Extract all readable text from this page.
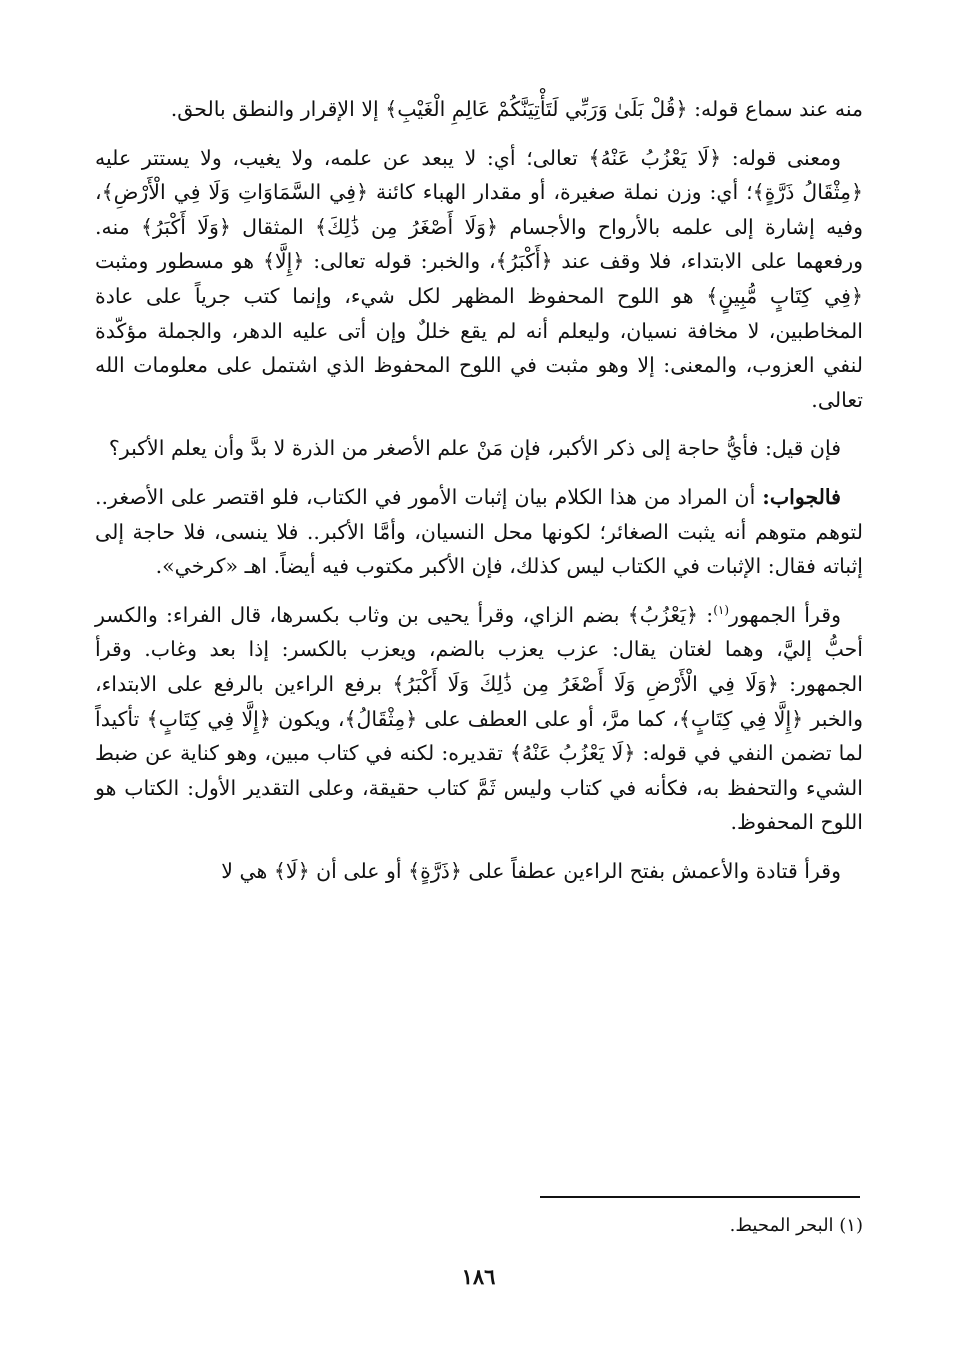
منه عند سماع قوله: ﴿قُلْ بَلَىٰ وَرَبِّي لَتَأْتِيَنَّكُمْ عَالِمِ الْغَيْبِ﴾ إلا الإقرار والنطق بالحق.

ومعنى قوله: ﴿لَا يَعْزُبُ عَنْهُ﴾ تعالى؛ أي: لا يبعد عن علمه، ولا يغيب، ولا يستتر عليه ﴿مِثْقَالُ ذَرَّةٍ﴾؛ أي: وزن نملة صغيرة، أو مقدار الهباء كائنة ﴿فِي السَّمَاوَاتِ وَلَا فِي الْأَرْضِ﴾، وفيه إشارة إلى علمه بالأرواح والأجسام ﴿وَلَا أَصْغَرُ مِن ذَٰلِكَ﴾ المثقال ﴿وَلَا أَكْبَرُ﴾ منه. ورفعهما على الابتداء، فلا وقف عند ﴿أَكْبَرُ﴾، والخبر: قوله تعالى: ﴿إِلَّا﴾ هو مسطور ومثبت ﴿فِي كِتَابٍ مُّبِينٍ﴾ هو اللوح المحفوظ المظهر لكل شيء، وإنما كتب جرياً على عادة المخاطبين، لا مخافة نسيان، وليعلم أنه لم يقع خللٌ وإن أتى عليه الدهر، والجملة مؤكّدة لنفي العزوب، والمعنى: إلا وهو مثبت في اللوح المحفوظ الذي اشتمل على معلومات الله تعالى.

فإن قيل: فأيُّ حاجة إلى ذكر الأكبر، فإن مَنْ علم الأصغر من الذرة لا بدَّ وأن يعلم الأكبر؟

فالجواب: أن المراد من هذا الكلام بيان إثبات الأمور في الكتاب، فلو اقتصر على الأصغر.. لتوهم متوهم أنه يثبت الصغائر؛ لكونها محل النسيان، وأمَّا الأكبر.. فلا ينسى، فلا حاجة إلى إثباته فقال: الإثبات في الكتاب ليس كذلك، فإن الأكبر مكتوب فيه أيضاً. اهـ «كرخي».

وقرأ الجمهور$^{(١)}$: ﴿يَعْزُبُ﴾ بضم الزاي، وقرأ يحيى بن وثاب بكسرها، قال الفراء: والكسر أحبُّ إليَّ، وهما لغتان يقال: عزب يعزب بالضم، ويعزب بالكسر: إذا بعد وغاب. وقرأ الجمهور: ﴿وَلَا فِي الْأَرْضِ وَلَا أَصْغَرُ مِن ذَٰلِكَ وَلَا أَكْبَرُ﴾ برفع الراءين بالرفع على الابتداء، والخبر ﴿إِلَّا فِي كِتَابٍ﴾، كما مرَّ، أو على العطف على ﴿مِثْقَالُ﴾، ويكون ﴿إِلَّا فِي كِتَابٍ﴾ تأكيداً لما تضمن النفي في قوله: ﴿لَا يَعْزُبُ عَنْهُ﴾ تقديره: لكنه في كتاب مبين، وهو كناية عن ضبط الشيء والتحفظ به، فكأنه في كتاب وليس ثَمَّ كتاب حقيقة، وعلى التقدير الأول: الكتاب هو اللوح المحفوظ.

وقرأ قتادة والأعمش بفتح الراءين عطفاً على ﴿ذَرَّةٍ﴾ أو على أن ﴿لَا﴾ هي لا

(١) البحر المحيط.
١٨٦
